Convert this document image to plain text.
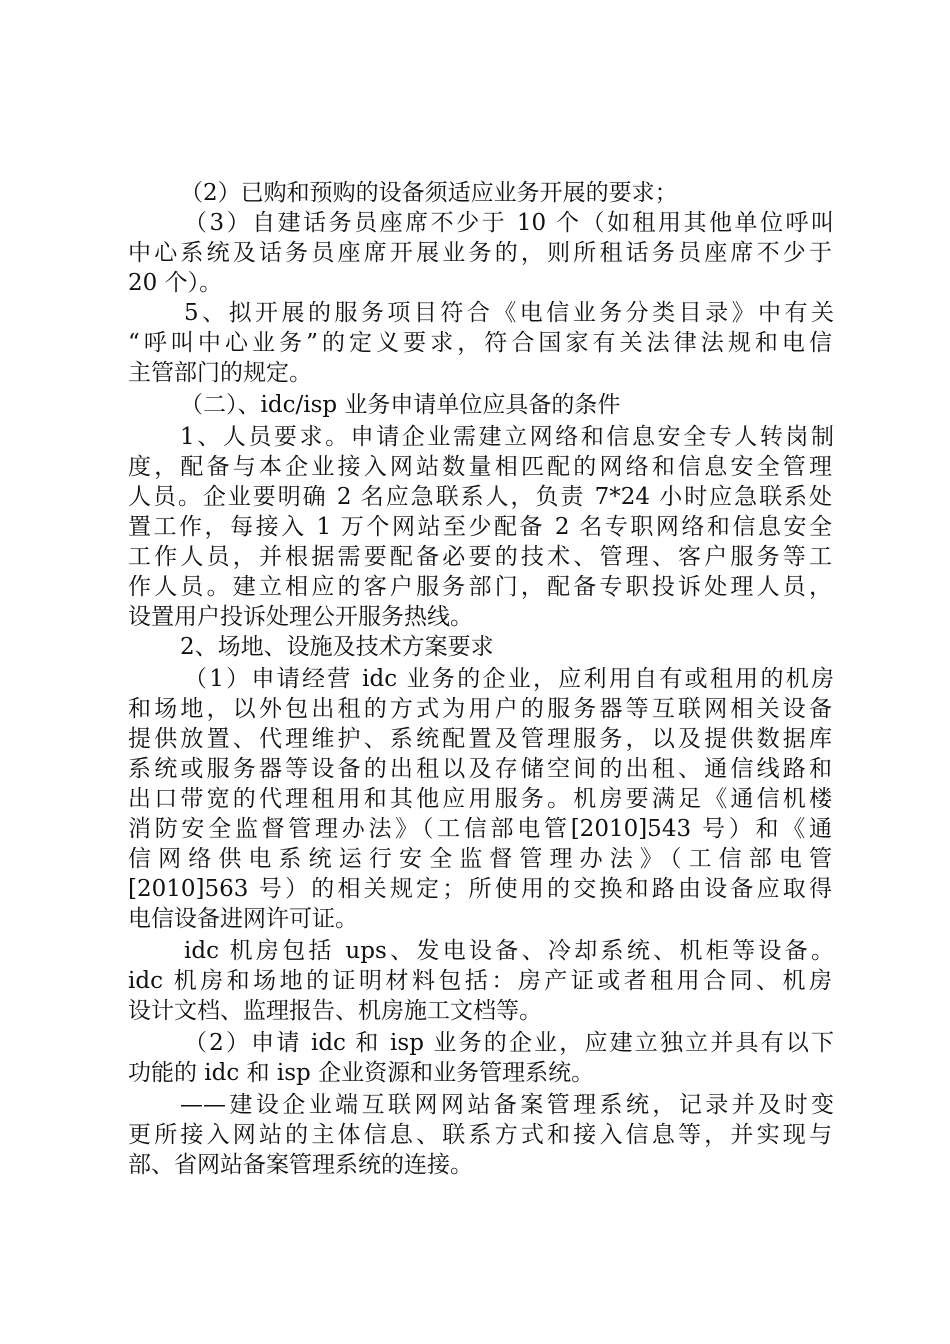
（2）已购和预购的设备须适应业务开展的要求；
（3）自建话务员座席不少于 10 个（如租用其他单位呼叫
中心系统及话务员座席开展业务的，则所租话务员座席不少于
20 个）。
5、拟开展的服务项目符合《电信业务分类目录》中有关
“呼叫中心业务”的定义要求，符合国家有关法律法规和电信
主管部门的规定。
（二）、idc/isp 业务申请单位应具备的条件
1、人员要求。申请企业需建立网络和信息安全专人转岗制
度，配备与本企业接入网站数量相匹配的网络和信息安全管理
人员。企业要明确 2 名应急联系人，负责 7*24 小时应急联系处
置工作，每接入 1 万个网站至少配备 2 名专职网络和信息安全
工作人员，并根据需要配备必要的技术、管理、客户服务等工
作人员。建立相应的客户服务部门，配备专职投诉处理人员，
设置用户投诉处理公开服务热线。
2、场地、设施及技术方案要求
（1）申请经营 idc 业务的企业，应利用自有或租用的机房
和场地，以外包出租的方式为用户的服务器等互联网相关设备
提供放置、代理维护、系统配置及管理服务，以及提供数据库
系统或服务器等设备的出租以及存储空间的出租、通信线路和
出口带宽的代理租用和其他应用服务。机房要满足《通信机楼
消防安全监督管理办法》（工信部电管[2010]543 号）和《通
信网络供电系统运行安全监督管理办法》（工信部电管
[2010]563 号）的相关规定；所使用的交换和路由设备应取得
电信设备进网许可证。
idc 机房包括 ups、发电设备、冷却系统、机柜等设备。
idc 机房和场地的证明材料包括：房产证或者租用合同、机房
设计文档、监理报告、机房施工文档等。
（2）申请 idc 和 isp 业务的企业，应建立独立并具有以下
功能的 idc 和 isp 企业资源和业务管理系统。
——建设企业端互联网网站备案管理系统，记录并及时变
更所接入网站的主体信息、联系方式和接入信息等，并实现与
部、省网站备案管理系统的连接。
